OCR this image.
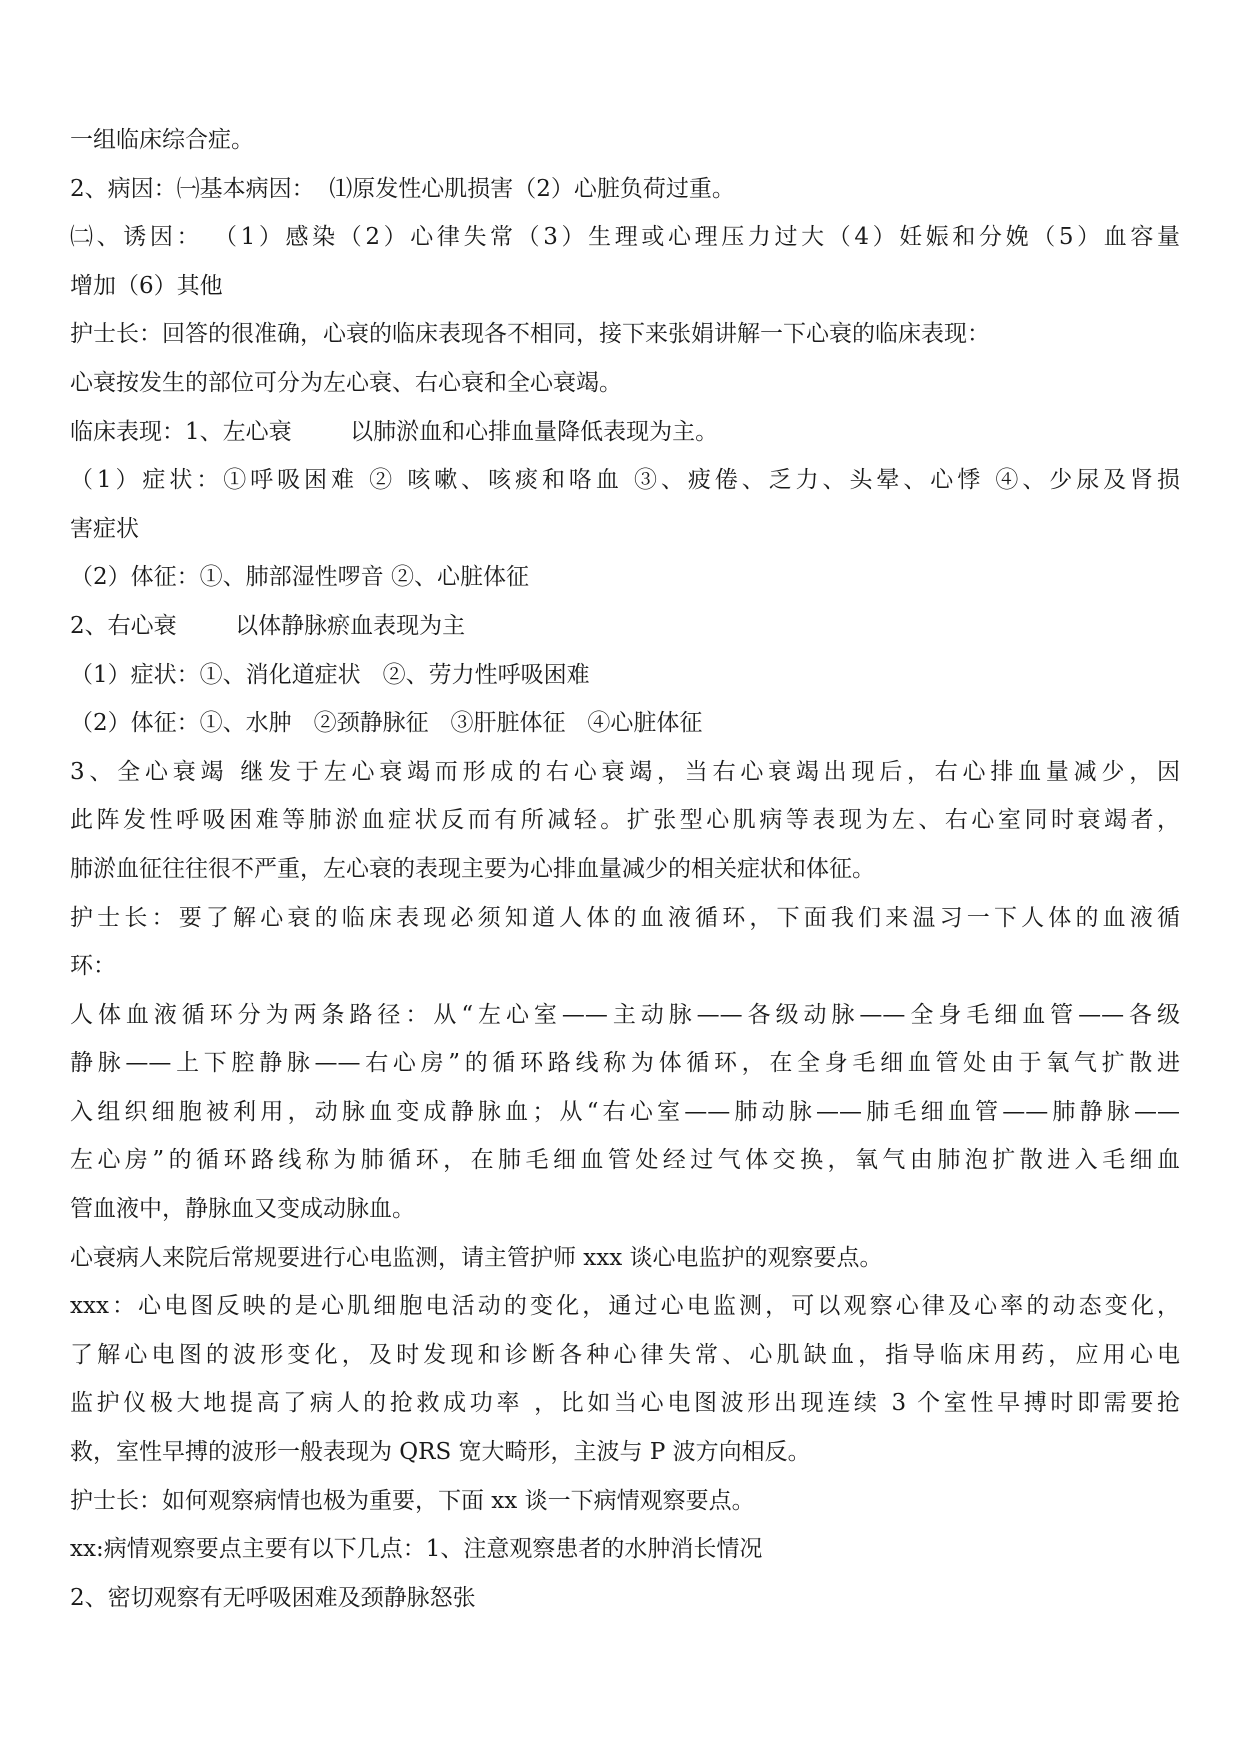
一组临床综合症。

2、病因：㈠基本病因：  ⑴原发性心肌损害（2）心脏负荷过重。

㈡、诱因： （1）感染（2）心律失常（3）生理或心理压力过大（4）妊娠和分娩（5）血容量

增加（6）其他

护士长：回答的很准确，心衰的临床表现各不相同，接下来张娟讲解一下心衰的临床表现：

心衰按发生的部位可分为左心衰、右心衰和全心衰竭。

临床表现：1、左心衰        以肺淤血和心排血量降低表现为主。

（1）症状：①呼吸困难 ② 咳嗽、咳痰和咯血 ③、疲倦、乏力、头晕、心悸 ④、少尿及肾损

害症状

（2）体征：①、肺部湿性啰音 ②、心脏体征

2、右心衰        以体静脉瘀血表现为主

（1）症状：①、消化道症状   ②、劳力性呼吸困难

（2）体征：①、水肿   ②颈静脉征   ③肝脏体征   ④心脏体征

3、全心衰竭 继发于左心衰竭而形成的右心衰竭，当右心衰竭出现后，右心排血量减少，因

此阵发性呼吸困难等肺淤血症状反而有所减轻。扩张型心肌病等表现为左、右心室同时衰竭者，

肺淤血征往往很不严重，左心衰的表现主要为心排血量减少的相关症状和体征。

护士长：要了解心衰的临床表现必须知道人体的血液循环，下面我们来温习一下人体的血液循

环：

人体血液循环分为两条路径：从“左心室——主动脉——各级动脉——全身毛细血管——各级

静脉——上下腔静脉——右心房”的循环路线称为体循环，在全身毛细血管处由于氧气扩散进

入组织细胞被利用，动脉血变成静脉血；从“右心室——肺动脉——肺毛细血管——肺静脉——

左心房”的循环路线称为肺循环，在肺毛细血管处经过气体交换，氧气由肺泡扩散进入毛细血

管血液中，静脉血又变成动脉血。

心衰病人来院后常规要进行心电监测，请主管护师 xxx 谈心电监护的观察要点。

xxx：心电图反映的是心肌细胞电活动的变化，通过心电监测，可以观察心律及心率的动态变化，

了解心电图的波形变化，及时发现和诊断各种心律失常、心肌缺血，指导临床用药，应用心电

监护仪极大地提高了病人的抢救成功率 ，比如当心电图波形出现连续 3 个室性早搏时即需要抢

救，室性早搏的波形一般表现为 QRS 宽大畸形，主波与 P 波方向相反。

护士长：如何观察病情也极为重要，下面 xx 谈一下病情观察要点。

xx:病情观察要点主要有以下几点：1、注意观察患者的水肿消长情况

2、密切观察有无呼吸困难及颈静脉怒张
